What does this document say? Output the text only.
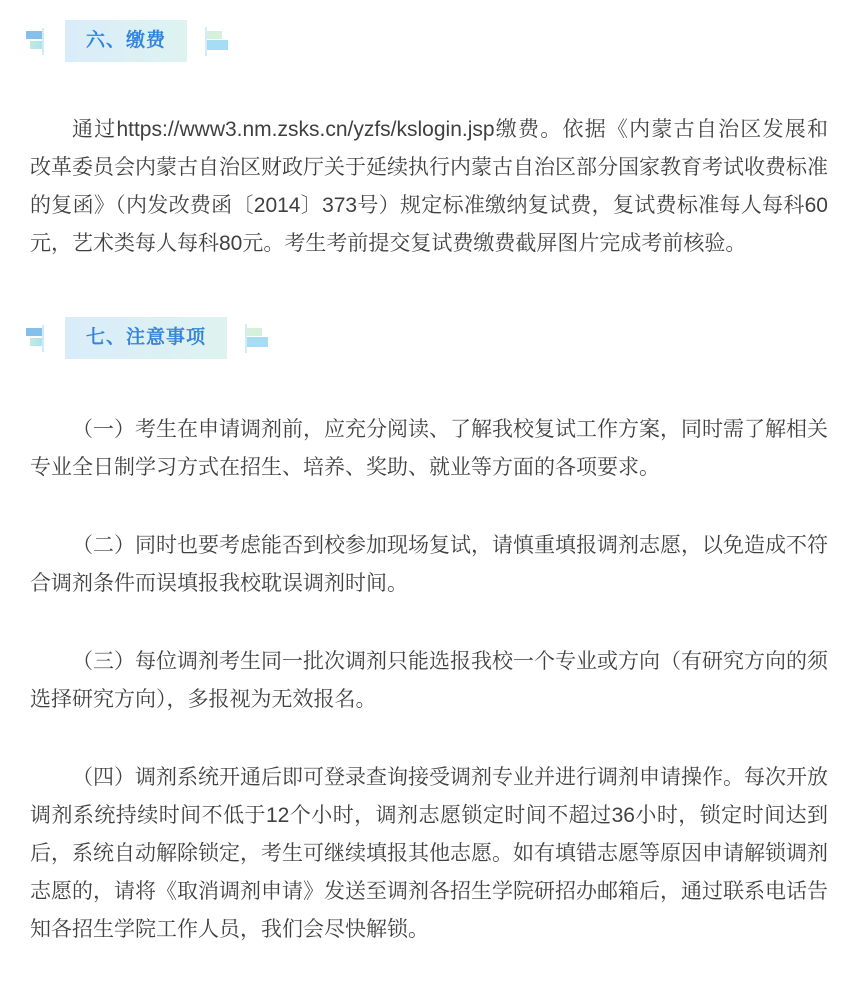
六、缴费

通过https://www3.nm.zsks.cn/yzfs/kslogin.jsp缴费。依据《内蒙古自治区发展和改革委员会内蒙古自治区财政厅关于延续执行内蒙古自治区部分国家教育考试收费标准的复函》（内发改费函〔2014〕373号）规定标准缴纳复试费，复试费标准每人每科60元，艺术类每人每科80元。考生考前提交复试费缴费截屏图片完成考前核验。

七、注意事项

（一）考生在申请调剂前，应充分阅读、了解我校复试工作方案，同时需了解相关专业全日制学习方式在招生、培养、奖助、就业等方面的各项要求。

（二）同时也要考虑能否到校参加现场复试，请慎重填报调剂志愿，以免造成不符合调剂条件而误填报我校耽误调剂时间。

（三）每位调剂考生同一批次调剂只能选报我校一个专业或方向（有研究方向的须选择研究方向），多报视为无效报名。

（四）调剂系统开通后即可登录查询接受调剂专业并进行调剂申请操作。每次开放调剂系统持续时间不低于12个小时，调剂志愿锁定时间不超过36小时，锁定时间达到后，系统自动解除锁定，考生可继续填报其他志愿。如有填错志愿等原因申请解锁调剂志愿的，请将《取消调剂申请》发送至调剂各招生学院研招办邮箱后，通过联系电话告知各招生学院工作人员，我们会尽快解锁。
